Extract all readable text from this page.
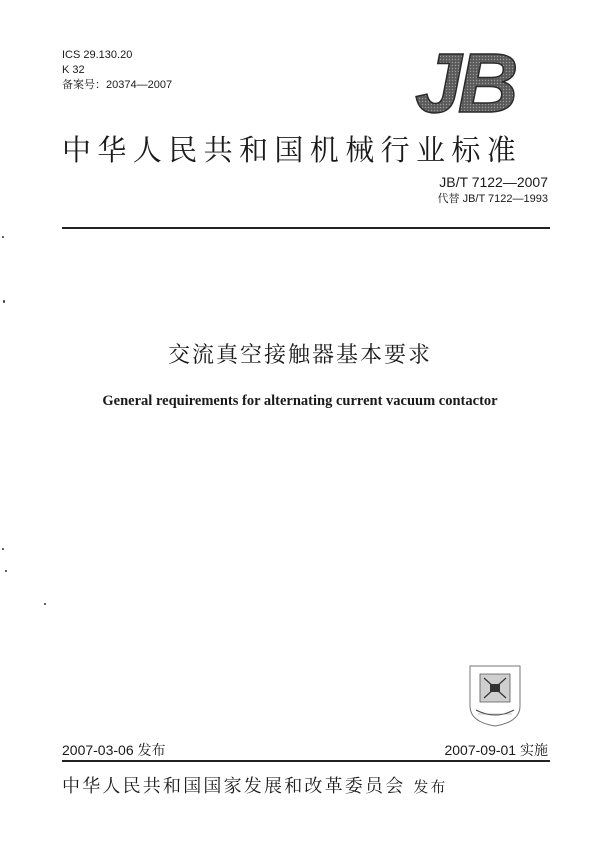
ICS 29.130.20
K 32
备案号：20374—2007	JB
中华人民共和国机械行业标准
JB/T 7122—2007
代替 JB/T 7122—1993
交流真空接触器基本要求
General requirements for alternating current vacuum contactor
2007-03-06 发布	2007-09-01 实施
中华人民共和国国家发展和改革委员会 发布
